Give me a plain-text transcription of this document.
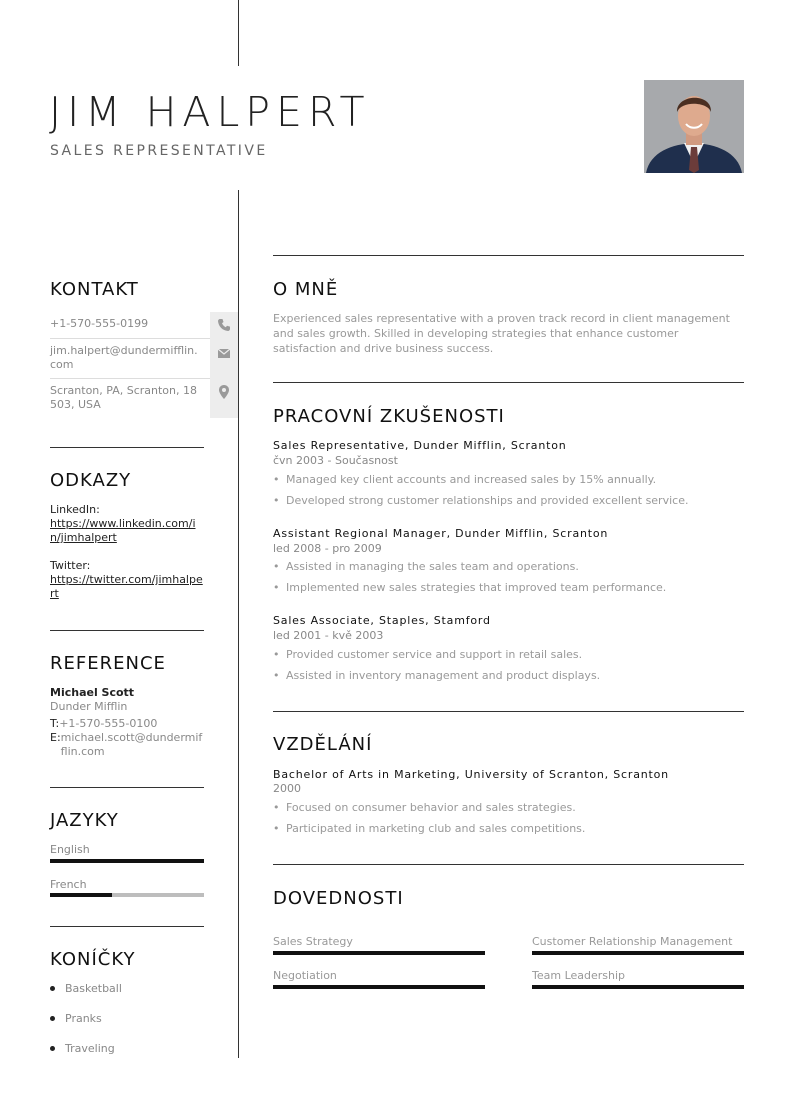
JIM HALPERT
SALES REPRESENTATIVE
KONTAKT
+1-570-555-0199
jim.halpert@dundermifflin.com
Scranton, PA, Scranton, 18503, USA
ODKAZY
LinkedIn:
https://www.linkedin.com/in/jimhalpert
Twitter:
https://twitter.com/jimhalpert
REFERENCE
Michael Scott
Dunder Mifflin
T:+1-570-555-0100
E: michael.scott@dundermifflin.com
JAZYKY
English
French
KONÍČKY
Basketball
Pranks
Traveling
O MNĚ
Experienced sales representative with a proven track record in client management and sales growth. Skilled in developing strategies that enhance customer satisfaction and drive business success.
PRACOVNÍ ZKUŠENOSTI
Sales Representative, Dunder Mifflin, Scranton
čvn 2003 - Současnost
• Managed key client accounts and increased sales by 15% annually.
• Developed strong customer relationships and provided excellent service.
Assistant Regional Manager, Dunder Mifflin, Scranton
led 2008 - pro 2009
• Assisted in managing the sales team and operations.
• Implemented new sales strategies that improved team performance.
Sales Associate, Staples, Stamford
led 2001 - kvě 2003
• Provided customer service and support in retail sales.
• Assisted in inventory management and product displays.
VZDĚLÁNÍ
Bachelor of Arts in Marketing, University of Scranton, Scranton
2000
• Focused on consumer behavior and sales strategies.
• Participated in marketing club and sales competitions.
DOVEDNOSTI
Sales Strategy	Customer Relationship Management
Negotiation	Team Leadership
